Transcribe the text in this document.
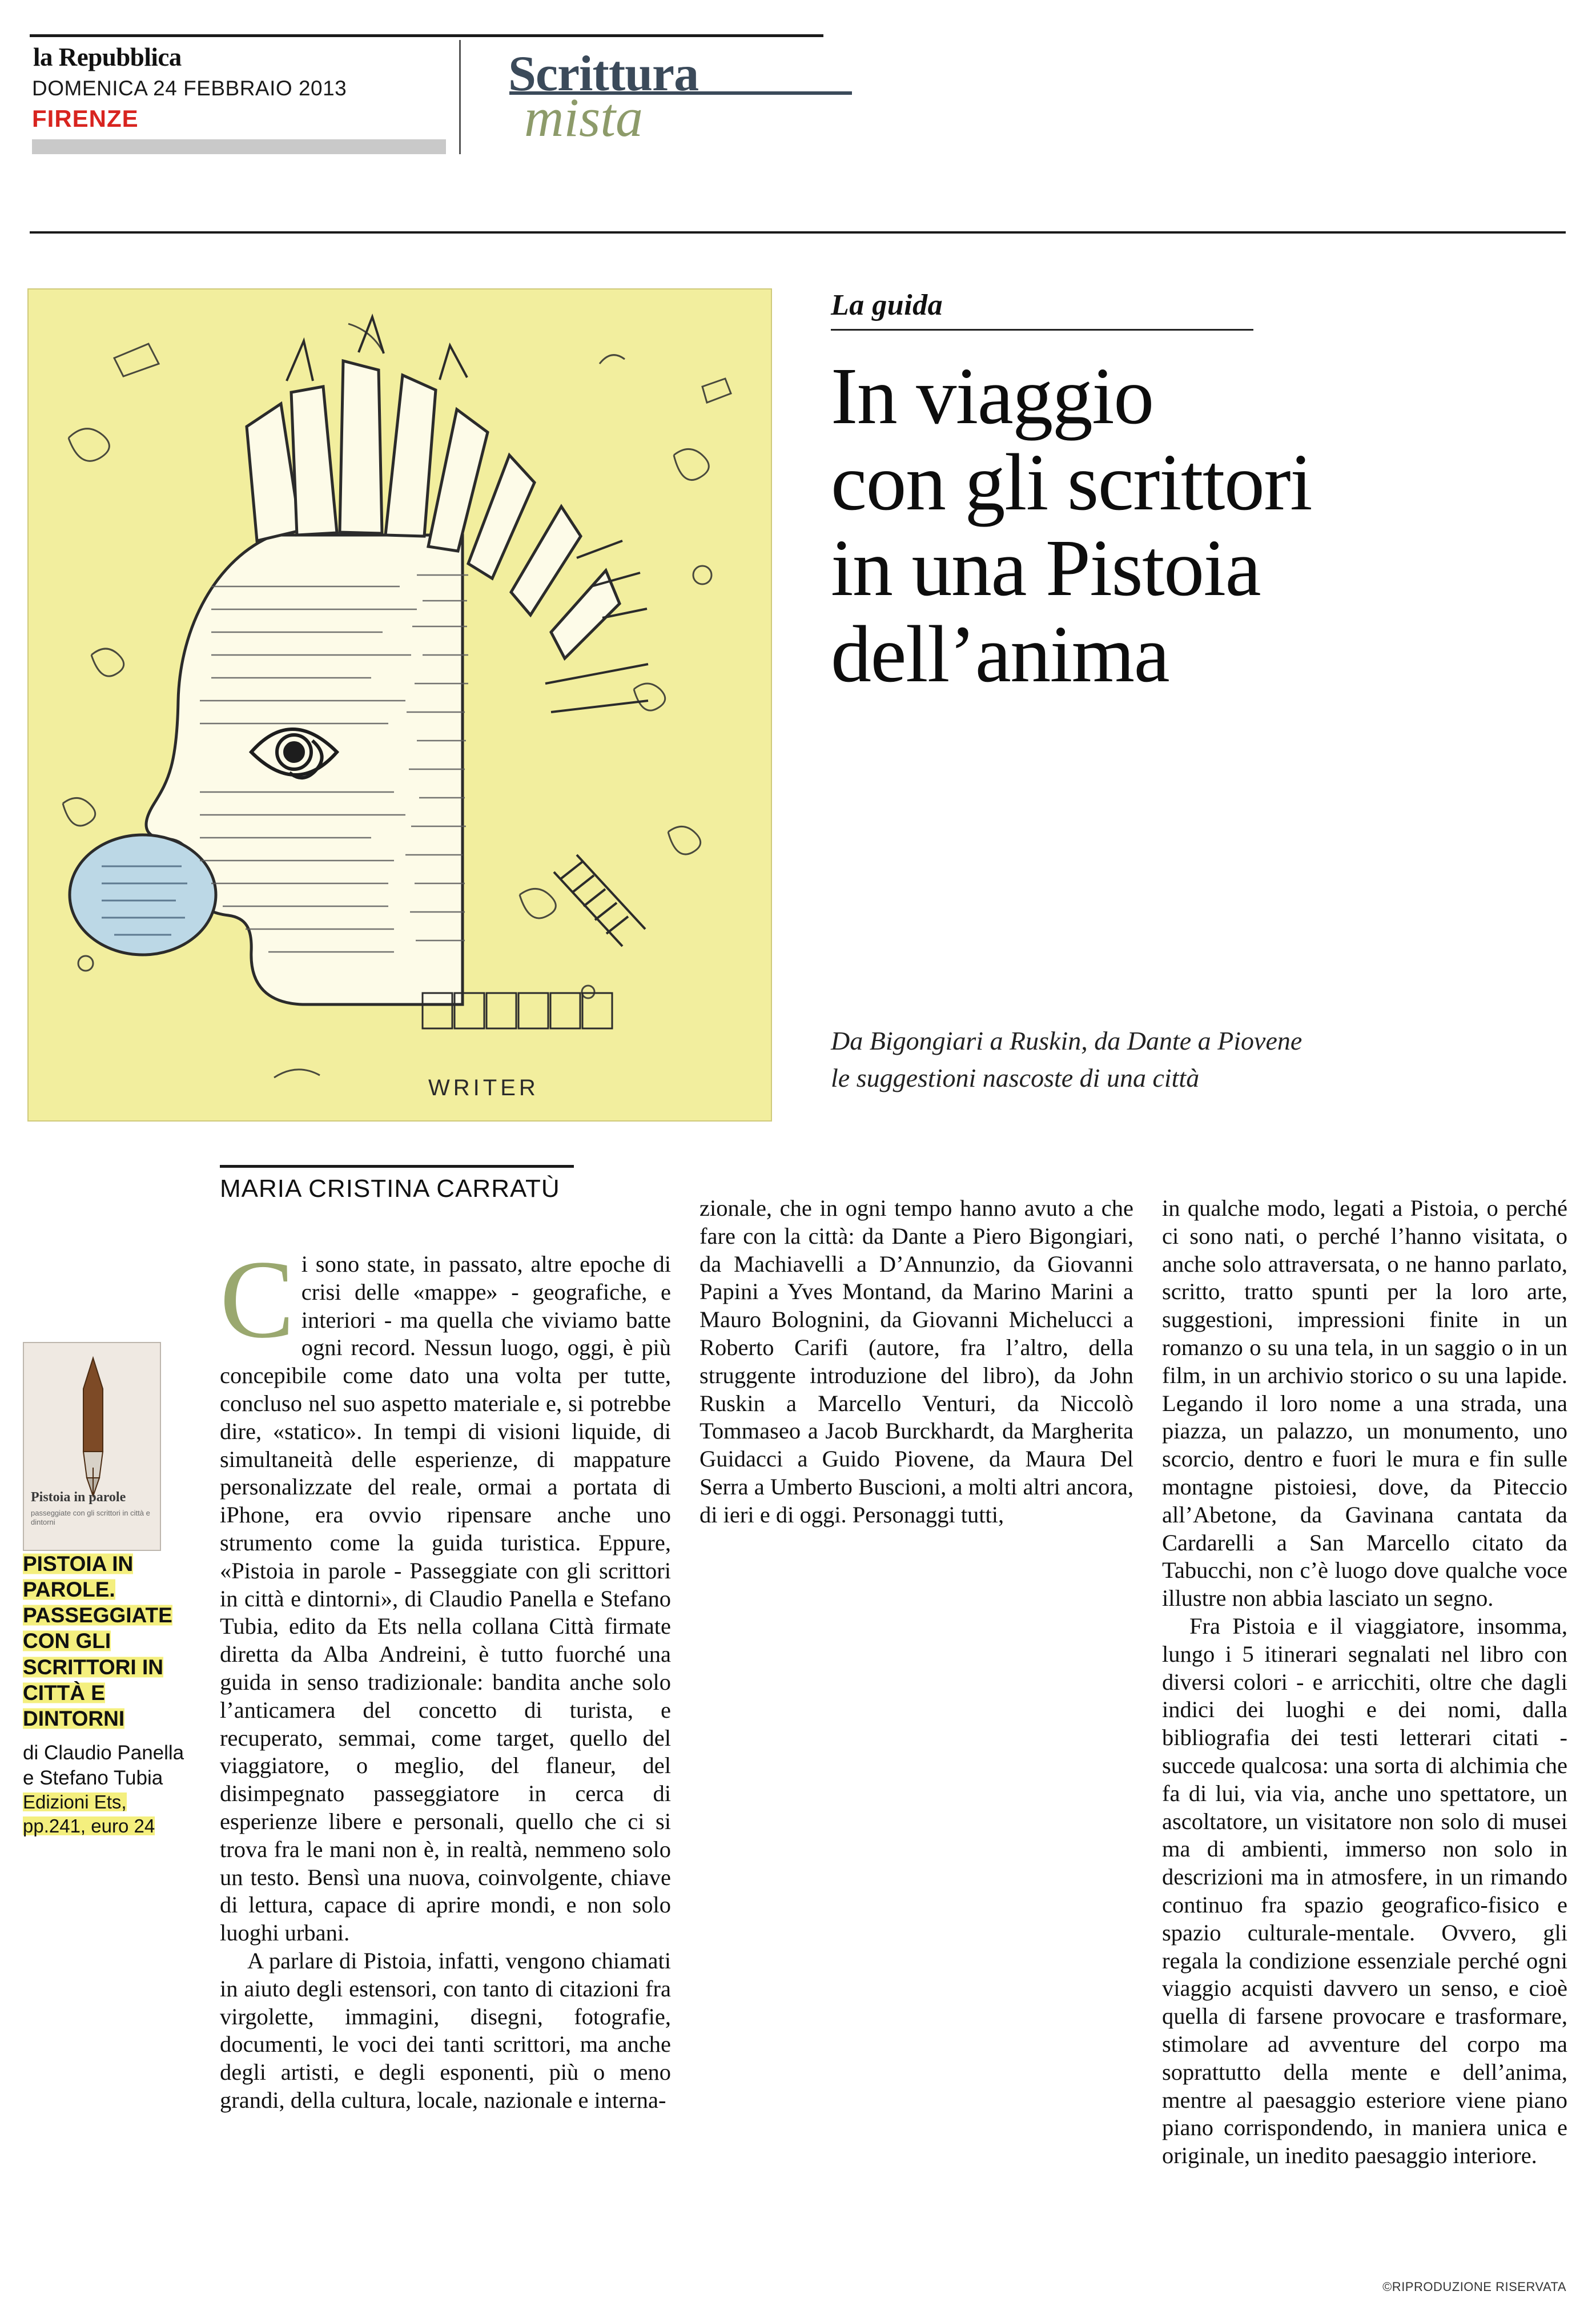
la Repubblica
DOMENICA 24 FEBBRAIO 2013
FIRENZE
Scrittura
mista
WRITER
La guida
In viaggio
con gli scrittori
in una Pistoia
dell’anima
Da Bigongiari a Ruskin, da Dante a Piovene
le suggestioni nascoste di una città
MARIA CRISTINA CARRATÙ
Pistoia in parole
passeggiate con gli scrittori in città e dintorni
PISTOIA IN PAROLE. PASSEGGIATE CON GLI SCRITTORI IN CITTÀ E DINTORNI
di Claudio Panella e Stefano Tubia
Edizioni Ets, pp.241, euro 24

Ci sono state, in passato, altre epoche di crisi delle «mappe» - geografiche, e interiori - ma quella che viviamo batte ogni record. Nessun luogo, oggi, è più concepibile come dato una volta per tutte, concluso nel suo aspetto materiale e, si potrebbe dire, «statico». In tempi di visioni liquide, di simultaneità delle esperienze, di mappature personalizzate del reale, ormai a portata di iPhone, era ovvio ripensare anche uno strumento come la guida turistica. Eppure, «Pistoia in parole - Passeggiate con gli scrittori in città e dintorni», di Claudio Panella e Stefano Tubia, edito da Ets nella collana Città firmate diretta da Alba Andreini, è tutto fuorché una guida in senso tradizionale: bandita anche solo l’anticamera del concetto di turista, e recuperato, semmai, come target, quello del viaggiatore, o meglio, del flaneur, del disimpegnato passeggiatore in cerca di esperienze libere e personali, quello che ci si trova fra le mani non è, in realtà, nemmeno solo un testo. Bensì una nuova, coinvolgente, chiave di lettura, capace di aprire mondi, e non solo luoghi urbani.

A parlare di Pistoia, infatti, vengono chiamati in aiuto degli estensori, con tanto di citazioni fra virgolette, immagini, disegni, fotografie, documenti, le voci dei tanti scrittori, ma anche degli artisti, e degli esponenti, più o meno grandi, della cultura, locale, nazionale e interna-

zionale, che in ogni tempo hanno avuto a che fare con la città: da Dante a Piero Bigongiari, da Machiavelli a D’Annunzio, da Giovanni Papini a Yves Montand, da Marino Marini a Mauro Bolognini, da Giovanni Michelucci a Roberto Carifi (autore, fra l’altro, della struggente introduzione del libro), da John Ruskin a Marcello Venturi, da Niccolò Tommaseo a Jacob Burckhardt, da Margherita Guidacci a Guido Piovene, da Maura Del Serra a Umberto Buscioni, a molti altri ancora, di ieri e di oggi. Personaggi tutti,

in qualche modo, legati a Pistoia, o perché ci sono nati, o perché l’hanno visitata, o anche solo attraversata, o ne hanno parlato, scritto, tratto spunti per la loro arte, suggestioni, impressioni finite in un romanzo o su una tela, in un saggio o in un film, in un archivio storico o su una lapide. Legando il loro nome a una strada, una piazza, un palazzo, un monumento, uno scorcio, dentro e fuori le mura e fin sulle montagne pistoiesi, dove, da Piteccio all’Abetone, da Gavinana cantata da Cardarelli a San Marcello citato da Tabucchi, non c’è luogo dove qualche voce illustre non abbia lasciato un segno.

Fra Pistoia e il viaggiatore, insomma, lungo i 5 itinerari segnalati nel libro con diversi colori - e arricchiti, oltre che dagli indici dei luoghi e dei nomi, dalla bibliografia dei testi letterari citati - succede qualcosa: una sorta di alchimia che fa di lui, via via, anche uno spettatore, un ascoltatore, un visitatore non solo di musei ma di ambienti, immerso non solo in descrizioni ma in atmosfere, in un rimando continuo fra spazio geografico-fisico e spazio culturale-mentale. Ovvero, gli regala la condizione essenziale perché ogni viaggio acquisti davvero un senso, e cioè quella di farsene provocare e trasformare, stimolare ad avventure del corpo ma soprattutto della mente e dell’anima, mentre al paesaggio esteriore viene piano piano corrispondendo, in maniera unica e originale, un inedito paesaggio interiore.

©RIPRODUZIONE RISERVATA
